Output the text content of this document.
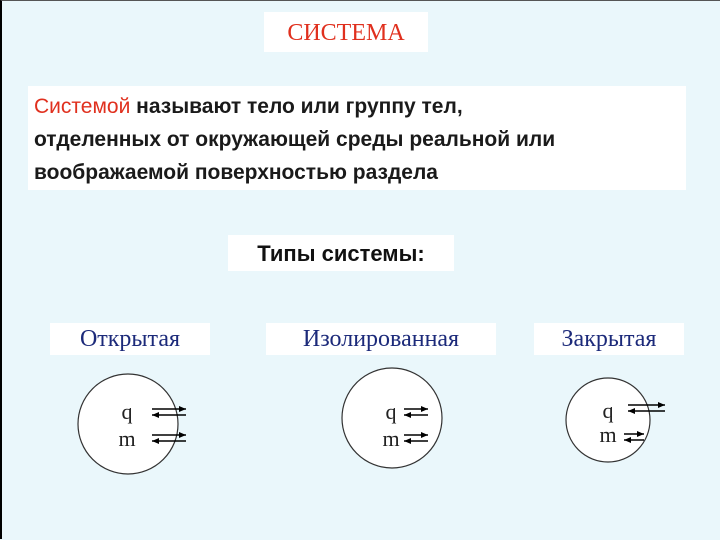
СИСТЕМА
Системой называют тело или группу тел,
отделенных от окружающей среды реальной или
воображаемой поверхностью раздела
Типы системы:
Открытая	Изолированная	Закрытая
q
m
q
m
q
m
